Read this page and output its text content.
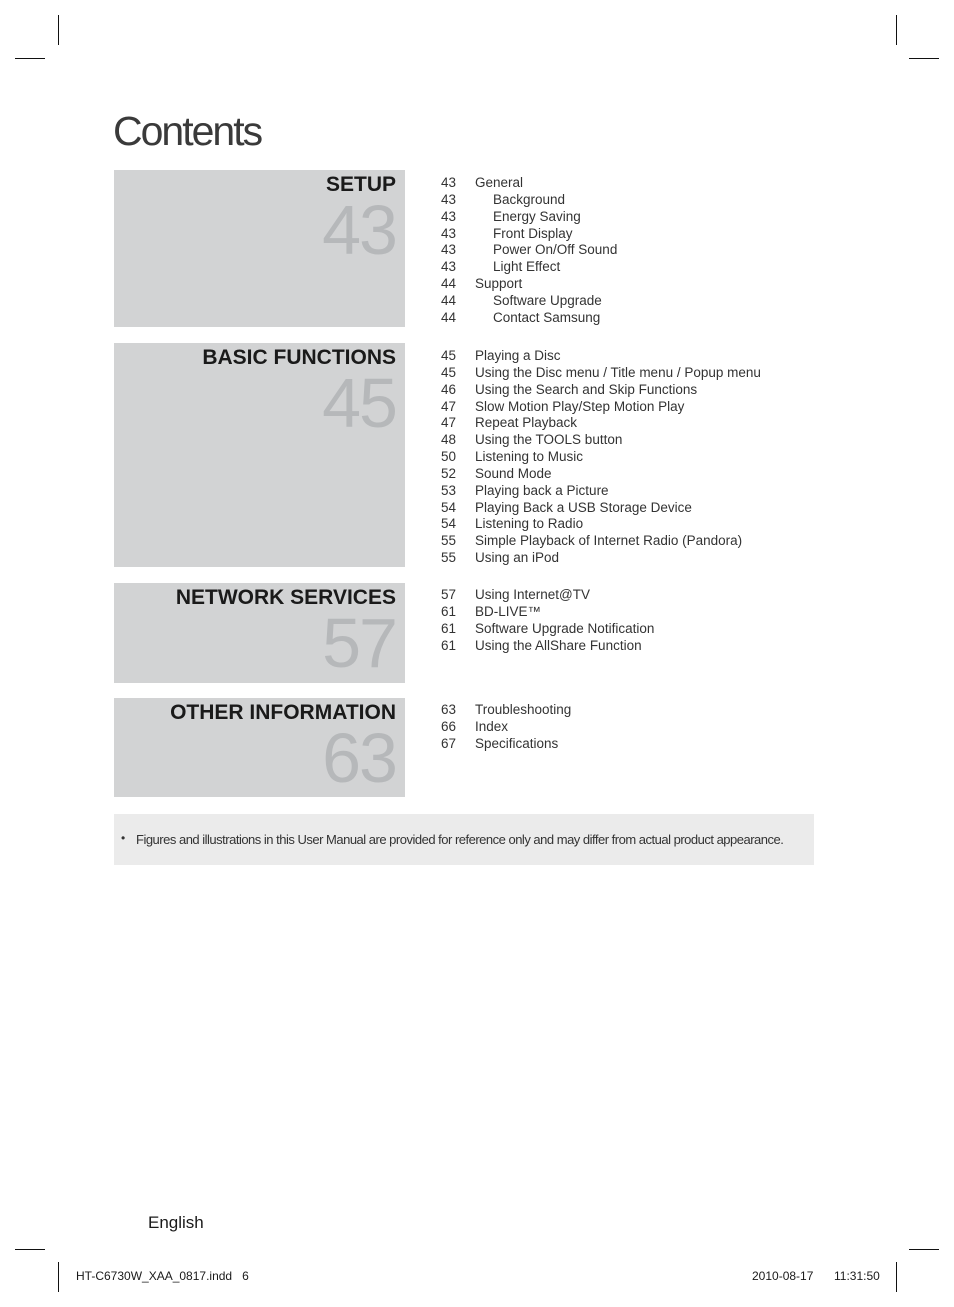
Contents
SETUP
43
43	General
43	Background
43	Energy Saving
43	Front Display
43	Power On/Off Sound
43	Light Effect
44	Support
44	Software Upgrade
44	Contact Samsung
BASIC FUNCTIONS
45
45	Playing a Disc
45	Using the Disc menu / Title menu / Popup menu
46	Using the Search and Skip Functions
47	Slow Motion Play/Step Motion Play
47	Repeat Playback
48	Using the TOOLS button
50	Listening to Music
52	Sound Mode
53	Playing back a Picture
54	Playing Back a USB Storage Device
54	Listening to Radio
55	Simple Playback of Internet Radio (Pandora)
55	Using an iPod
NETWORK SERVICES
57
57	Using Internet@TV
61	BD-LIVE™
61	Software Upgrade Notification
61	Using the AllShare Function
OTHER INFORMATION
63
63	Troubleshooting
66	Index
67	Specifications
• Figures and illustrations in this User Manual are provided for reference only and may differ from actual product appearance.
English
HT-C6730W_XAA_0817.indd   6	2010-08-17 11:31:50
